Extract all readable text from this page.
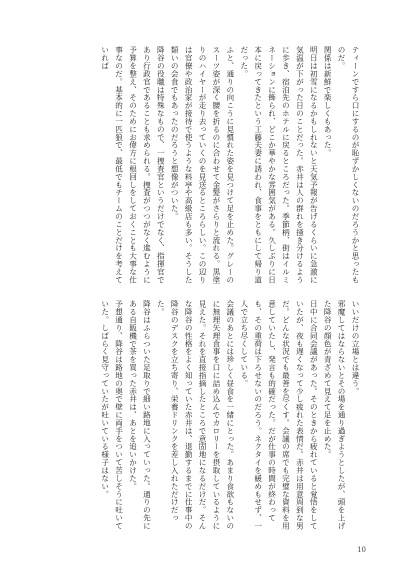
ティーンですら口にするのが恥ずかしくないのだろうかと思ったものだ。

関係は新鮮で楽しくもあった。

明日は初雪になるかもしれないと天気予報が告げるくらいに急激に気温が下がった日のことだった。赤井は人の群れを掻き分けるように歩き、宿泊先のホテルに戻るところだった。季節柄、街はイルミネーションに飾られ、どこか華やかな雰囲気がある。久しぶりに日本に戻ってきたという工藤夫妻に誘われ、食事をともにして帰り道だった。

ふと、通りの向こうに見慣れた姿を見つけて足を止めた。グレーのスーツ姿が深く腰を折るのに合わせて金髪がさらりと流れる。黒塗りのハイヤーが走り去っていくのを見送るところらしい。この辺りは官僚や政治家が接待で使うような料亭や高級店も多い。そうした類いの会食でもあったのだろうと想像がついた。

降谷の役職は特殊なもので、一捜査官というだけでなく、指揮官であり行政官であることも求められる。捜査がつつがなく進むように予算を整え、そのためにお偉方に根回しをしておくことも大事な仕事なのだ。基本的に一匹狼で、最低でもチームのことだけを考えていれば

いいだけの立場とは違う。

邪魔してはならないとその場を通り過ぎようとしたが、頭を上げた降谷の顔色が青ざめて見えて足を止めた。

日中に合同会議があった。そのときから疲れていると覚悟をしていたが、夜も遅くなって少し疲れた表情だ。赤井は用意周到な男だ。どんな状況でも最善を尽くす。会議の席でも完璧な資料を用意していたし、発言も的確だった。だが仕事の時間が終わっても、その重荷は下ろせないのだろう。ネクタイを緩めもせず、一人で立ち尽くしている。

会議のあとには珍しく昼食を一緒にとった。あまり食欲もないのに無理矢理食事を口に詰め込んでカロリーを摂取しているように見えた。それを直接指摘したところで意固地になるだけだ。そんな降谷の性格をよく知っていた赤井は、退勤するまでに仕事中の降谷のデスクを立ち寄り、栄養ドリンクを差し入れただけだった。

降谷はふらついた足取りで細い路地に入っていった。通りの先にある自販機で茶を買った赤井は、あとを追いかけた。

予想通り、降谷は路地の奥で壁に両手をついて苦しそうに吐いていた。しばらく見守っていたが吐いている様子はない。

10
